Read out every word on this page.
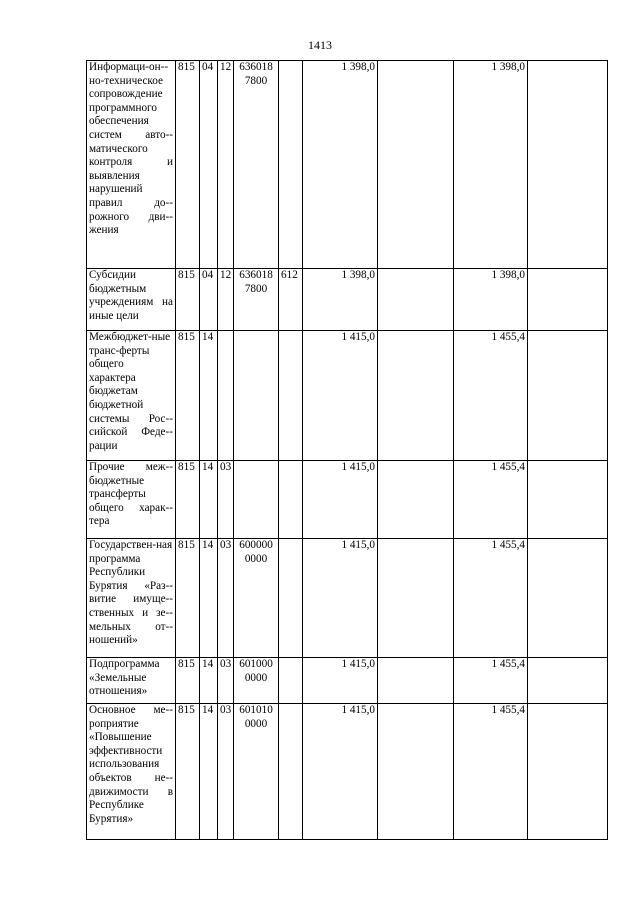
1413
Информаци-он-но-техническое сопровождение программного обеспечения систем авто-матического контроля и выявления нарушений правил до-рожного дви-жения	815	04	12	636018 7800		1 398,0		1 398,0	
Субсидии бюджетным учреждениям на иные цели	815	04	12	636018 7800	612	1 398,0		1 398,0	
Межбюджет-ные транс-ферты общего характера бюджетам бюджетной системы Рос-сийской Феде-рации	815	14				1 415,0		1 455,4	
Прочие меж-бюджетные трансферты общего харак-тера	815	14	03			1 415,0		1 455,4	
Государствен-ная программа Республики Бурятия «Раз-витие имуще-ственных и зе-мельных от-ношений»	815	14	03	600000 0000		1 415,0		1 455,4	
Подпрограмма «Земельные отношения»	815	14	03	601000 0000		1 415,0		1 455,4	
Основное ме-роприятие «Повышение эффективности использования объектов не-движимости в Республике Бурятия»	815	14	03	601010 0000		1 415,0		1 455,4	
